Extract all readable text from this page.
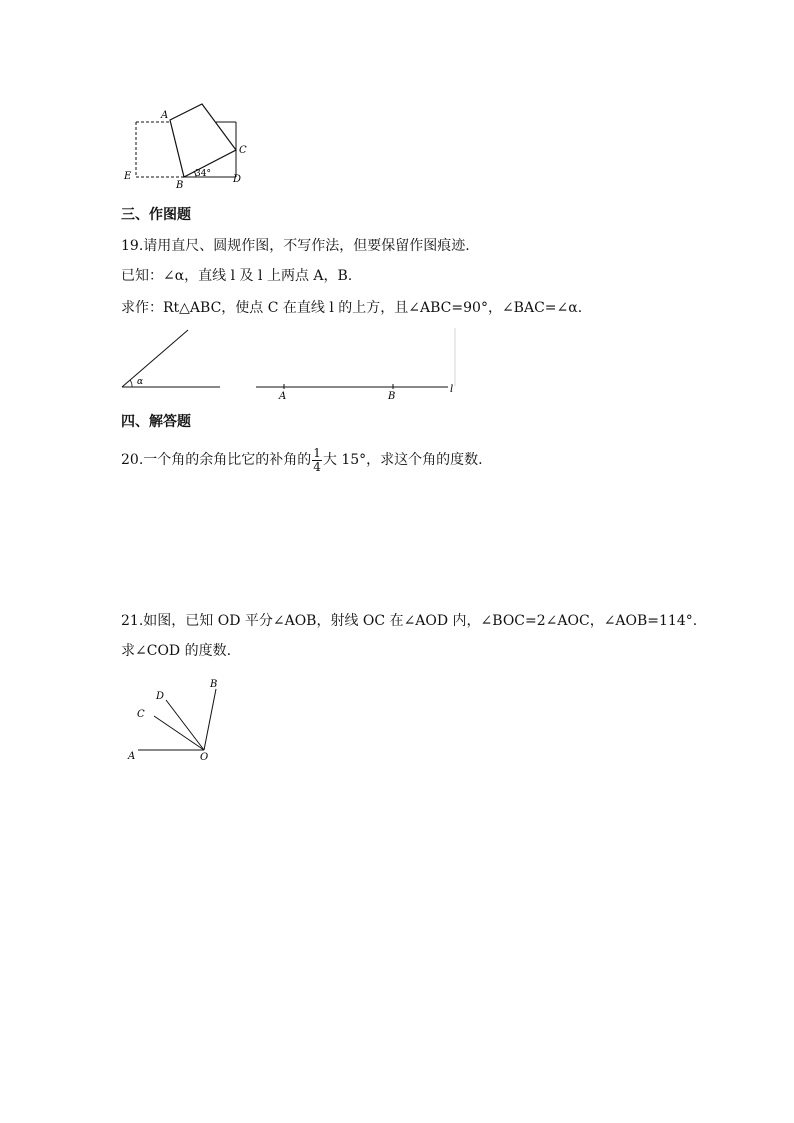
A
C
E
B
D
34°
三、作图题
19.请用直尺、圆规作图，不写作法，但要保留作图痕迹.
已知：∠α，直线 l 及 l 上两点 A，B.
求作：Rt△ABC，使点 C 在直线 l 的上方，且∠ABC=90°，∠BAC=∠α.
α
A	B
l
四、解答题
20.一个角的余角比它的补角的 $\frac{1}{4}$ 大 15°，求这个角的度数.
21.如图，已知 OD 平分∠AOB，射线 OC 在∠AOD 内，∠BOC=2∠AOC，∠AOB=114°.
求∠COD 的度数.
A	O
C
D
B
